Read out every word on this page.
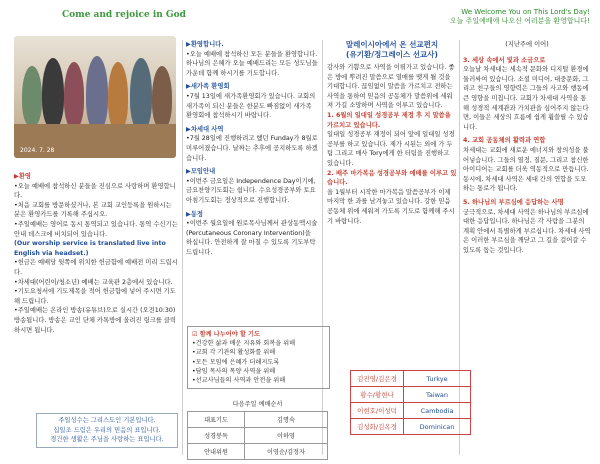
Come and rejoice in God	We Welcome You on This Lord's Day!
오늘 주일예배에 나오신 여러분을 환영합니다!
2024. 7. 28
▶환영
•오늘 예배에 참석하신 분들을 진심으로 사랑하며 환영합니다.
•처음 교회를 방문하셨거나, 본 교회 교인등록을 원하시는 분은 환영카드를 기록해 주십시오.
•주일예배는 영어로 동시 통역되고 있습니다. 통역 수신기는 안내 데스크에 비치되어 있습니다.
(Our worship service is translated live into English via headset.)
•헌금은 예배당 뒷쪽에 위치한 헌금함에 예배전 미리 드립시다.
•차세대(어린이/청소년) 예배는 교육관 2층에서 있습니다.
•기도요청서에 기도제목을 적어 헌금함에 넣어 주시면 기도해 드립니다.
•주일예배는 온라인 방송(유튜브)으로 실시간 (오전10:30) 방송됩니다. 방송은 교인 단체 카톡방에 올려진 링크를 클릭하시면 됩니다.
주일성수는 그리스도인 기본입니다.
십일조 드림은 우리의 믿음의 표입니다.
경건한 생활은 주님을 사랑하는 표입니다.
▶환영합니다.
•오늘 예배에 참석하신 모든 분들을 환영합니다. 하나님의 은혜가 오늘 예배드리는 모든 성도님들 가운데 함께 하시기를 기도합니다.
▶새가족 환영회
•7월 13일에 새가족환영회가 있습니다. 교회의 새가족이 되신 분들은 한분도 빠짐없이 새가족 환영회에 참석하시기 바랍니다.
▶차세대 사역
•7월 28일에 진행하려고 했던 Funday가 8월로 미루어졌습니다. 날짜는 추후에 공지하도록 하겠습니다.
▶모임안내
•이번주 금요일은 Independence Day이기에, 금요찬양기도회는 쉽니다. 수요성경공부와 토요아침기도회는 정상적으로 진행합니다.
▶동정
•이번주 월요일에 원로목사님께서 관상동맥시술(Percutaneous Coronary Intervention)을 하십니다. 안전하게 잘 마칠 수 있도록 기도부탁드립니다.
☑ 함께 나누어야 할 기도
•건강한 삶과 배운 지유와 회복을 위해
•교회 각 기관의 활성화를 위해
•모든 모임에 은혜가 더해지도록
•담임 목사의 목양 사역을 위해
•선교사님들의 사역과 안전을 위해
다음주일 예배순서	
대표기도	김명숙
성경봉독	이하영
안내위원	이영순/김정자
말레이시아에서 온 선교편지
(유기환/정그레이스 선교사)
감사와 기쁨으로 사역을 이뤄가고 있습니다. 좋은 방에 뿌려진 말씀으로 열매를 맺게 될 것을 기대합니다. 끊임없이 말씀을 가르치고 전하는 사역을 통하여 믿음의 공동체가 말씀위에 세워져 가길 소망하며 사역을 이루고 있습니다.
1. 6월의 일대일 성경공부 제정 후 지 말씀을 가르치고 있습니다.
일대일 성경공부 재정이 되어 앞에 일대일 성경 공부를 하고 있습니다. 제가 시된는 외에 가 두팀 그리고 매사 Tory에게 한 터팀을 진행하고 있습니다.
2. 배주 마가복음 성경공부와 예배를 이루고 있습니다.
올 1월부터 시작한 마가복음 말씀공부가 이제 마지막 한 과를 남겨놓고 있습니다. 강한 믿음 공동체 위에 세워져 가도록 기도로 함께해 주시기 바랍니다.
김진영/김은경	Turkye
황수/황현나	Taiwan
이현호/이성덕	Cambodia
김성화/김옥경	Dominican
(지난주에 이어)
3. 세상 속에서 빛과 소금으로
오늘날 차세대는 세속적 문화와 디지털 환경에 둘러싸여 있습니다. 소셜 미디어, 대중문화, 그리고 친구들의 영향력은 그들의 사고와 행동에 큰 영향을 미칩니다. 교회가 차세대 사역을 통해 성경적 세계관과 가치관을 심어주지 않는다면, 이들은 세상의 흐름에 쉽게 휩쓸릴 수 있습니다.
4. 교회 공동체의 활력과 연합
차세대는 교회에 새로운 에너지와 창의성을 불어넣습니다. 그들의 열정, 질문, 그리고 참신한 아이디어는 교회를 더욱 역동적으로 만듭니다. 동시에, 차세대 사역은 세대 간의 연합을 도모하는 통로가 됩니다.
5. 하나님의 부르심에 응답하는 사명
궁극적으로, 차세대 사역은 하나님의 부르심에 대한 응답입니다. 하나님은 각 사람을 그분의 계획 안에서 특별하게 부르십니다. 차세대 사역은 이러한 부르심을 깨닫고 그 길을 걸어갈 수 있도록 돕는 것입니다.
